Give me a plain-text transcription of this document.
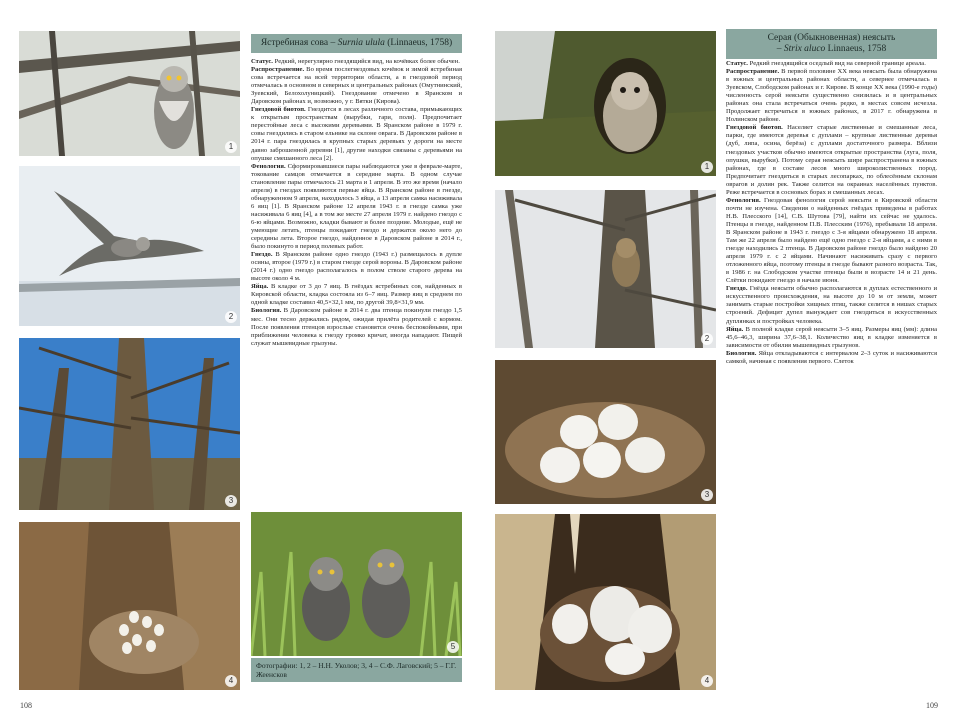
1
2
3
4
Ястребиная сова – Surnia ulula (Linnaeus, 1758)

Статус. Редкий, нерегулярно гнездящийся вид, на кочёвках более обычен.

Распространение. Во время послегнездовых кочёвок и зимой ястребиная сова встречается на всей территории области, а в гнездовой период отмечалась в основном в северных и центральных районах (Омутнинский, Зуевский, Белохолуницкий). Гнездование отмечено в Яранском и Даровском районах и, возможно, у г. Вятки (Кирова).

Гнездовой биотоп. Гнездится в лесах различного состава, примыкающих к открытым пространствам (вырубки, гари, поля). Предпочитает перестойные леса с высокими деревьями. В Яранском районе в 1979 г. совы гнездились в старом ельнике на склоне оврага. В Даровском районе в 2014 г. пара гнездилась в крупных старых деревьях у дороги на месте давно заброшенной деревни [1], другие находки связаны с деревьями на опушке смешанного леса [2].

Фенология. Сформировавшиеся пары наблюдаются уже в феврале-марте, токование самцов отмечается в середине марта. В одном случае становление пары отмечалось 21 марта и 1 апреля. В это же время (начало апреля) в гнездах появляются первые яйца. В Яранском районе в гнезде, обнаруженном 9 апреля, находилось 3 яйца, а 13 апреля самка насиживала 6 яиц [1]. В Яранском районе 12 апреля 1943 г. в гнезде самка уже насиживала 6 яиц [4], а в том же месте 27 апреля 1979 г. найдено гнездо с 6-ю яйцами. Возможно, кладки бывают и более поздние. Молодые, ещё не умеющие летать, птенцы покидают гнездо и держатся около него до середины лета. Второе гнездо, найденное в Даровском районе в 2014 г., было покинуто в период полевых работ.

Гнездо. В Яранском районе одно гнездо (1943 г.) размещалось в дупле осины, второе (1979 г.) в старом гнезде серой вороны. В Даровском районе (2014 г.) одно гнездо располагалось в полом стволе старого дерева на высоте около 4 м.

Яйца. В кладке от 3 до 7 яиц. В гнёздах ястребиных сов, найденных в Кировской области, кладка состояла из 6–7 яиц. Размер яиц в среднем по одной кладке составил 40,5×32,1 мм, по другой 39,8×31,9 мм.

Биология. В Даровском районе в 2014 г. два птенца покинули гнездо 1,5 мес. Они тесно держались рядом, ожидая прилёта родителей с кормом. После появления птенцов взрослые становятся очень беспокойными, при приближении человека к гнезду громко кричат, иногда нападают. Пищей служат мышевидные грызуны.

5
Фотографии: 1, 2 – Н.Н. Уколов; 3, 4 – С.Ф. Лаговский; 5 – Г.Г. Жеенсков
108
1
2
3
4
Серая (Обыкновенная) неясыть
– Strix aluco Linnaeus, 1758

Статус. Редкий гнездящийся оседлый вид на северной границе ареала.

Распространение. В первой половине XX века неясыть была обнаружена в южных и центральных районах области, а севернее отмечалась в Зуевском, Слободском районах и г. Кирове. В конце XX века (1990-е годы) численность серой неясыти существенно снизилась и в центральных районах она стала встречаться очень редко, в местах совсем исчезла. Продолжает встречаться в южных районах, в 2017 г. обнаружена в Нолинском районе.

Гнездовой биотоп. Населяет старые лиственные и смешанные леса, парки, где имеются деревья с дуплами – крупные лиственные деревья (дуб, липа, осина, берёза) с дуплами достаточного размера. Вблизи гнездовых участков обычно имеются открытые пространства (луга, поля, опушки, вырубки). Потому серая неясыть шире распространена в южных районах, где в составе лесов много широколиственных пород. Предпочитает гнездиться в старых лесопарках, по облесённым склонам оврагов и долин рек. Также селится на окраинах населённых пунктов. Реже встречается в сосновых борах и смешанных лесах.

Фенология. Гнездовая фенология серой неясыти в Кировской области почти не изучена. Сведения о найденных гнёздах приведены в работах Н.В. Плесского [14], С.В. Шутова [79], найти их сейчас не удалось. Птенцы в гнезде, найденном П.В. Плесским (1976), пребывали 18 апреля. В Яранском районе в 1943 г. гнездо с 3-я яйцами обнаружено 18 апреля. Там же 22 апреля было найдено ещё одно гнездо с 2-я яйцами, а с ними в гнезде находились 2 птенца. В Даровском районе гнездо было найдено 20 апреля 1979 г. с 2 яйцами. Начинают насиживать сразу с первого отложенного яйца, поэтому птенцы в гнезде бывают разного возраста. Так, в 1986 г. на Слободском участке птенцы были в возрасте 14 и 21 день. Слётки покидают гнездо в начале июня.

Гнездо. Гнёзда неясыти обычно располагаются в дуплах естественного и искусственного происхождения, на высоте до 10 м от земли, может занимать старые постройки хищных птиц, также селится в нишах старых строений. Дефицит дупел вынуждает сов гнездиться в искусственных дуплянках и постройках человека.

Яйца. В полной кладке серой неясыти 3–5 яиц. Размеры яиц (мм): длина 45,6–46,3, ширина 37,6–38,1. Количество яиц в кладке изменяется в зависимости от обилия мышевидных грызунов.

Биология. Яйца откладываются с интервалом 2–3 суток и насиживаются самкой, начиная с появления первого. Слеток

109
